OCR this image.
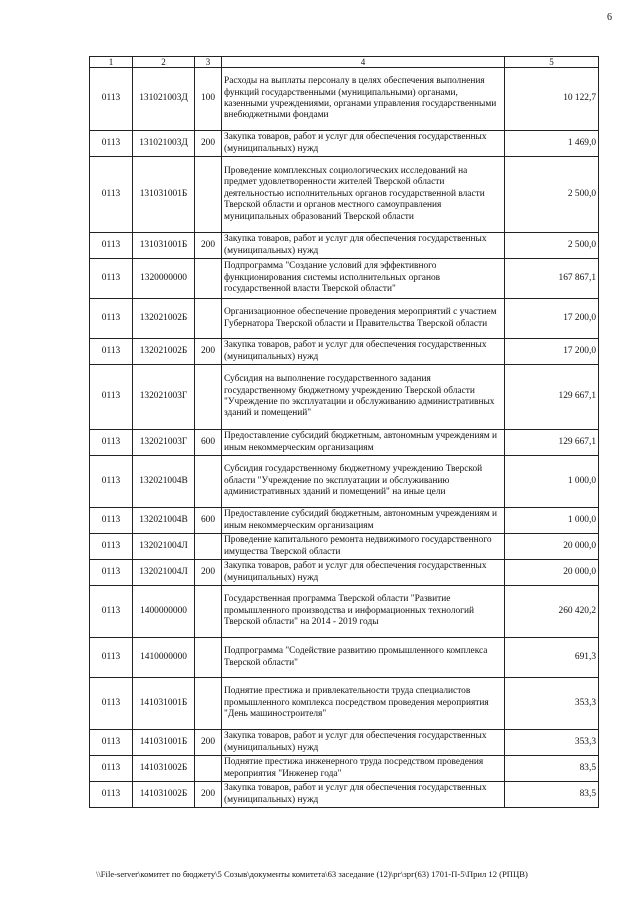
6
1	2	3	4	5
0113	131021003Д	100	Расходы на выплаты персоналу в целях обеспечения выполнения функций государственными (муниципальными) органами, казенными учреждениями, органами управления государственными внебюджетными фондами	10 122,7
0113	131021003Д	200	Закупка товаров, работ и услуг для обеспечения государственных (муниципальных) нужд	1 469,0
0113	131031001Б		Проведение комплексных социологических исследований на предмет удовлетворенности жителей Тверской области деятельностью исполнительных органов государственной власти Тверской области и органов местного самоуправления муниципальных образований Тверской области	2 500,0
0113	131031001Б	200	Закупка товаров, работ и услуг для обеспечения государственных (муниципальных) нужд	2 500,0
0113	1320000000		Подпрограмма "Создание условий для эффективного функционирования системы исполнительных органов государственной власти Тверской области"	167 867,1
0113	132021002Б		Организационное обеспечение проведения мероприятий с участием Губернатора Тверской области и Правительства Тверской области	17 200,0
0113	132021002Б	200	Закупка товаров, работ и услуг для обеспечения государственных (муниципальных) нужд	17 200,0
0113	132021003Г		Субсидия на выполнение государственного задания государственному бюджетному учреждению Тверской области "Учреждение по эксплуатации и обслуживанию административных зданий и помещений"	129 667,1
0113	132021003Г	600	Предоставление субсидий бюджетным, автономным учреждениям и иным некоммерческим организациям	129 667,1
0113	132021004В		Субсидия государственному бюджетному учреждению Тверской области "Учреждение по эксплуатации и обслуживанию административных зданий и помещений" на иные цели	1 000,0
0113	132021004В	600	Предоставление субсидий бюджетным, автономным учреждениям и иным некоммерческим организациям	1 000,0
0113	132021004Л		Проведение капитального ремонта недвижимого государственного имущества Тверской области	20 000,0
0113	132021004Л	200	Закупка товаров, работ и услуг для обеспечения государственных (муниципальных) нужд	20 000,0
0113	1400000000		Государственная программа Тверской области "Развитие промышленного производства и информационных технологий Тверской области" на 2014 - 2019 годы	260 420,2
0113	1410000000		Подпрограмма "Содействие развитию промышленного комплекса Тверской области"	691,3
0113	141031001Б		Поднятие престижа и привлекательности труда специалистов промышленного комплекса посредством проведения мероприятия "День машиностроителя"	353,3
0113	141031001Б	200	Закупка товаров, работ и услуг для обеспечения государственных (муниципальных) нужд	353,3
0113	141031002Б		Поднятие престижа инженерного труда посредством проведения мероприятия "Инженер года"	83,5
0113	141031002Б	200	Закупка товаров, работ и услуг для обеспечения государственных (муниципальных) нужд	83,5
\\File-server\комитет по бюджету\5 Созыв\документы комитета\63 заседание (12)\рг\зрг(63) 1701-П-5\Прил 12 (РПЦВ)
